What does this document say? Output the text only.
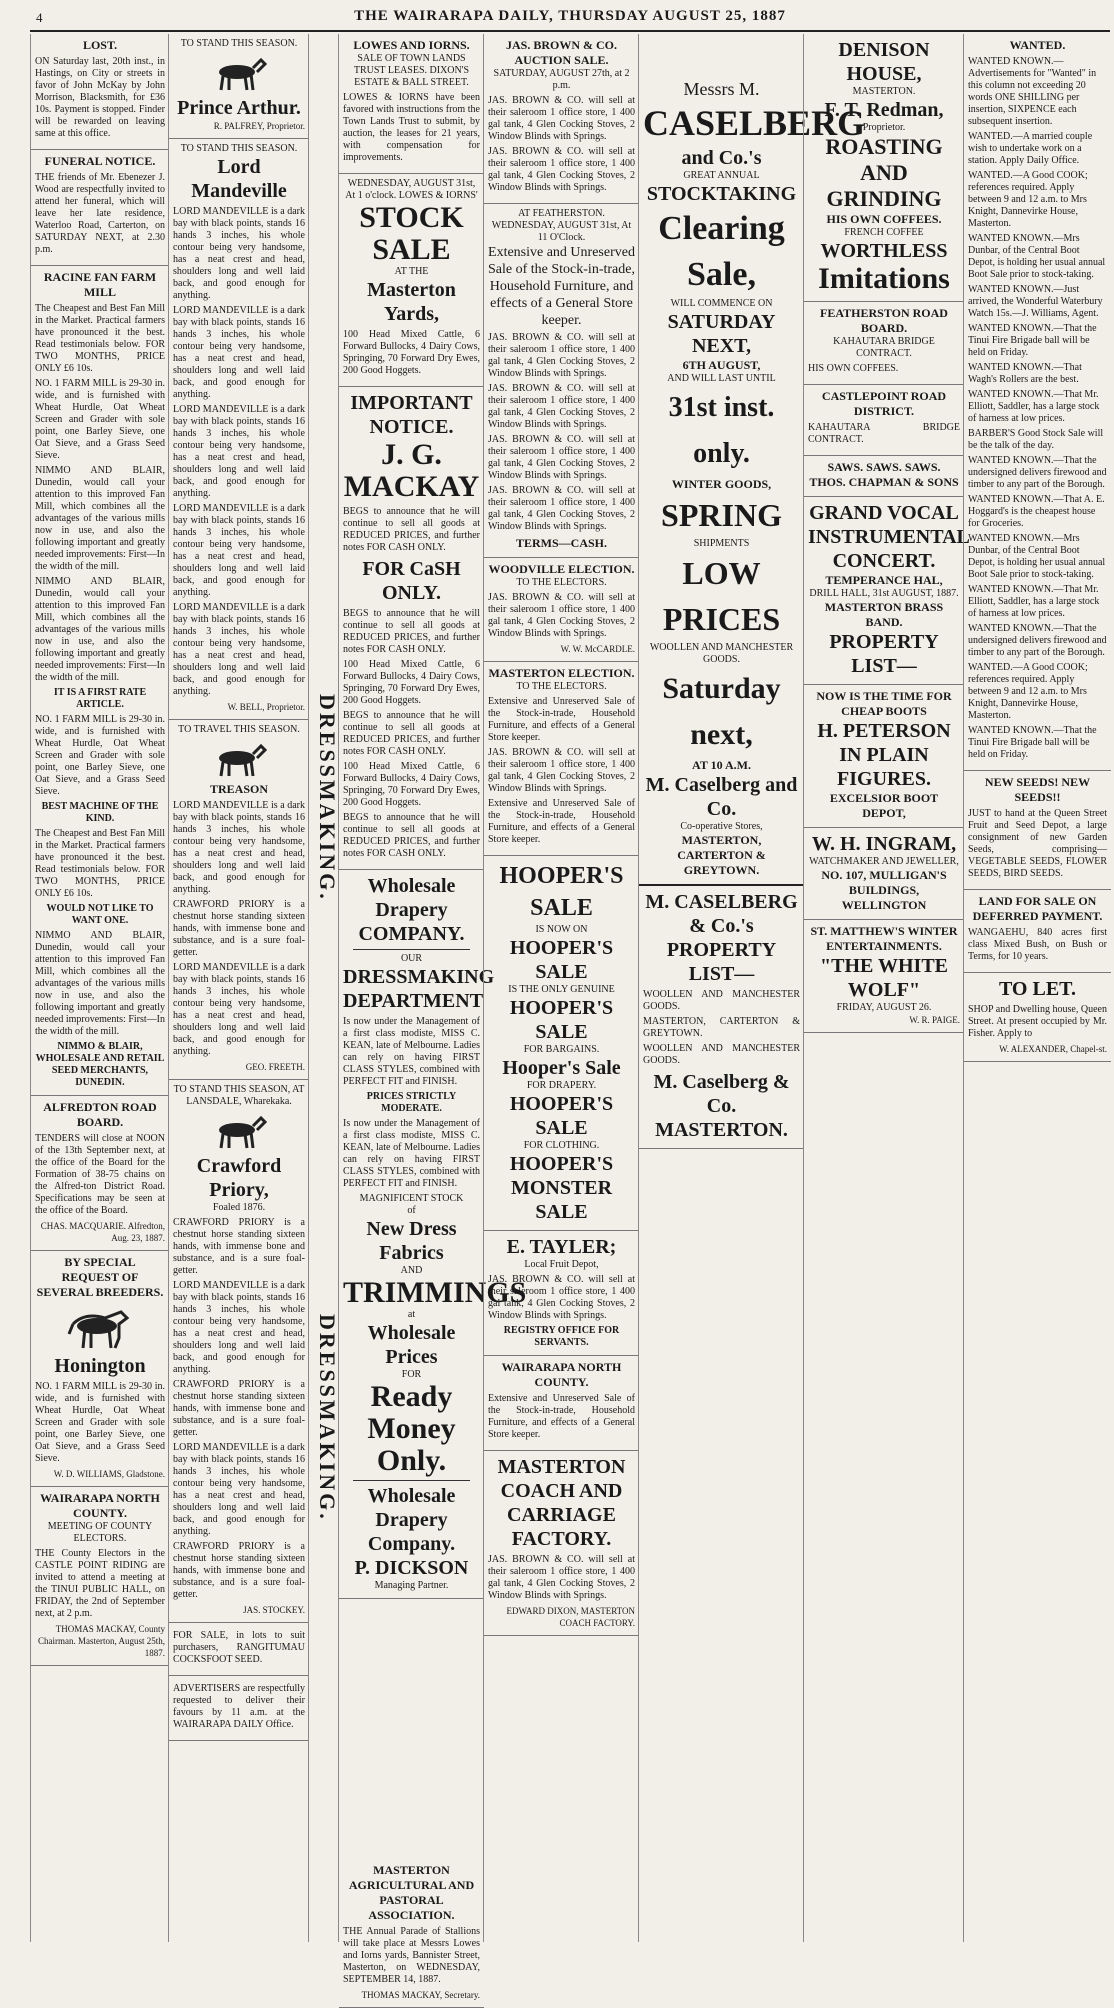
4	THE WAIRARAPA DAILY, THURSDAY AUGUST 25, 1887
LOST.

ON Saturday last, 20th inst., in Hastings, on City or streets in favor of John McKay by John Morrison, Blacksmith, for £36 10s. Payment is stopped. Finder will be rewarded on leaving same at this office.

FUNERAL NOTICE.

THE friends of Mr. Ebenezer J. Wood are respectfully invited to attend her funeral, which will leave her late residence, Waterloo Road, Carterton, on SATURDAY NEXT, at 2.30 p.m.

RACINE FAN FARM MILL

The Cheapest and Best Fan Mill in the Market. Practical farmers have pronounced it the best. Read testimonials below. FOR TWO MONTHS, PRICE ONLY £6 10s.

NO. 1 FARM MILL is 29-30 in. wide, and is furnished with Wheat Hurdle, Oat Wheat Screen and Grader with sole point, one Barley Sieve, one Oat Sieve, and a Grass Seed Sieve.

NIMMO AND BLAIR, Dunedin, would call your attention to this improved Fan Mill, which combines all the advantages of the various mills now in use, and also the following important and greatly needed improvements: First—In the width of the mill.

NIMMO AND BLAIR, Dunedin, would call your attention to this improved Fan Mill, which combines all the advantages of the various mills now in use, and also the following important and greatly needed improvements: First—In the width of the mill.

IT IS A FIRST RATE ARTICLE.

NO. 1 FARM MILL is 29-30 in. wide, and is furnished with Wheat Hurdle, Oat Wheat Screen and Grader with sole point, one Barley Sieve, one Oat Sieve, and a Grass Seed Sieve.

BEST MACHINE OF THE KIND.

The Cheapest and Best Fan Mill in the Market. Practical farmers have pronounced it the best. Read testimonials below. FOR TWO MONTHS, PRICE ONLY £6 10s.

WOULD NOT LIKE TO WANT ONE.

NIMMO AND BLAIR, Dunedin, would call your attention to this improved Fan Mill, which combines all the advantages of the various mills now in use, and also the following important and greatly needed improvements: First—In the width of the mill.

NIMMO & BLAIR, WHOLESALE AND RETAIL SEED MERCHANTS, DUNEDIN.
ALFREDTON ROAD BOARD.

TENDERS will close at NOON of the 13th September next, at the office of the Board for the Formation of 38-75 chains on the Alfred-ton District Road. Specifications may be seen at the office of the Board.

CHAS. MACQUARIE. Alfredton, Aug. 23, 1887.
BY SPECIAL REQUEST OF SEVERAL BREEDERS.
Honington

NO. 1 FARM MILL is 29-30 in. wide, and is furnished with Wheat Hurdle, Oat Wheat Screen and Grader with sole point, one Barley Sieve, one Oat Sieve, and a Grass Seed Sieve.

W. D. WILLIAMS, Gladstone.
WAIRARAPA NORTH COUNTY.
MEETING OF COUNTY ELECTORS.

THE County Electors in the CASTLE POINT RIDING are invited to attend a meeting at the TINUI PUBLIC HALL, on FRIDAY, the 2nd of September next, at 2 p.m.

THOMAS MACKAY, County Chairman. Masterton, August 25th, 1887.
TO STAND THIS SEASON.
Prince Arthur.
R. PALFREY, Proprietor.
TO STAND THIS SEASON.
Lord Mandeville

LORD MANDEVILLE is a dark bay with black points, stands 16 hands 3 inches, his whole contour being very handsome, has a neat crest and head, shoulders long and well laid back, and good enough for anything.

LORD MANDEVILLE is a dark bay with black points, stands 16 hands 3 inches, his whole contour being very handsome, has a neat crest and head, shoulders long and well laid back, and good enough for anything.

LORD MANDEVILLE is a dark bay with black points, stands 16 hands 3 inches, his whole contour being very handsome, has a neat crest and head, shoulders long and well laid back, and good enough for anything.

LORD MANDEVILLE is a dark bay with black points, stands 16 hands 3 inches, his whole contour being very handsome, has a neat crest and head, shoulders long and well laid back, and good enough for anything.

LORD MANDEVILLE is a dark bay with black points, stands 16 hands 3 inches, his whole contour being very handsome, has a neat crest and head, shoulders long and well laid back, and good enough for anything.

W. BELL, Proprietor.
TO TRAVEL THIS SEASON.
TREASON

LORD MANDEVILLE is a dark bay with black points, stands 16 hands 3 inches, his whole contour being very handsome, has a neat crest and head, shoulders long and well laid back, and good enough for anything.

CRAWFORD PRIORY is a chestnut horse standing sixteen hands, with immense bone and substance, and is a sure foal-getter.

LORD MANDEVILLE is a dark bay with black points, stands 16 hands 3 inches, his whole contour being very handsome, has a neat crest and head, shoulders long and well laid back, and good enough for anything.

GEO. FREETH.
TO STAND THIS SEASON, AT LANSDALE, Wharekaka.
Crawford Priory,
Foaled 1876.

CRAWFORD PRIORY is a chestnut horse standing sixteen hands, with immense bone and substance, and is a sure foal-getter.

LORD MANDEVILLE is a dark bay with black points, stands 16 hands 3 inches, his whole contour being very handsome, has a neat crest and head, shoulders long and well laid back, and good enough for anything.

CRAWFORD PRIORY is a chestnut horse standing sixteen hands, with immense bone and substance, and is a sure foal-getter.

LORD MANDEVILLE is a dark bay with black points, stands 16 hands 3 inches, his whole contour being very handsome, has a neat crest and head, shoulders long and well laid back, and good enough for anything.

CRAWFORD PRIORY is a chestnut horse standing sixteen hands, with immense bone and substance, and is a sure foal-getter.

JAS. STOCKEY.

FOR SALE, in lots to suit purchasers, RANGITUMAU COCKSFOOT SEED.

ADVERTISERS are respectfully requested to deliver their favours by 11 a.m. at the WAIRARAPA DAILY Office.

DRESSMAKING.
DRESSMAKING.
LOWES AND IORNS.
SALE OF TOWN LANDS TRUST LEASES. DIXON'S ESTATE & BALL STREET.

LOWES & IORNS have been favored with instructions from the Town Lands Trust to submit, by auction, the leases for 21 years, with compensation for improvements.

WEDNESDAY, AUGUST 31st, At 1 o'clock. LOWES & IORNS'
STOCK SALE
AT THE
Masterton Yards,

100 Head Mixed Cattle, 6 Forward Bullocks, 4 Dairy Cows, Springing, 70 Forward Dry Ewes, 200 Good Hoggets.

IMPORTANT NOTICE.
J. G. MACKAY

BEGS to announce that he will continue to sell all goods at REDUCED PRICES, and further notes FOR CASH ONLY.

FOR CaSH ONLY.

BEGS to announce that he will continue to sell all goods at REDUCED PRICES, and further notes FOR CASH ONLY.

100 Head Mixed Cattle, 6 Forward Bullocks, 4 Dairy Cows, Springing, 70 Forward Dry Ewes, 200 Good Hoggets.

BEGS to announce that he will continue to sell all goods at REDUCED PRICES, and further notes FOR CASH ONLY.

100 Head Mixed Cattle, 6 Forward Bullocks, 4 Dairy Cows, Springing, 70 Forward Dry Ewes, 200 Good Hoggets.

BEGS to announce that he will continue to sell all goods at REDUCED PRICES, and further notes FOR CASH ONLY.

Wholesale Drapery COMPANY.
OUR
DRESSMAKING DEPARTMENT

Is now under the Management of a first class modiste, MISS C. KEAN, late of Melbourne. Ladies can rely on having FIRST CLASS STYLES, combined with PERFECT FIT and FINISH.

PRICES STRICTLY MODERATE.

Is now under the Management of a first class modiste, MISS C. KEAN, late of Melbourne. Ladies can rely on having FIRST CLASS STYLES, combined with PERFECT FIT and FINISH.

MAGNIFICENT STOCK
of
New Dress Fabrics
AND
TRIMMINGS
at
Wholesale Prices
FOR
Ready Money Only.
Wholesale Drapery Company.
P. DICKSON
Managing Partner.
MASTERTON AGRICULTURAL AND PASTORAL ASSOCIATION.

THE Annual Parade of Stallions will take place at Messrs Lowes and Iorns yards, Bannister Street, Masterton, on WEDNESDAY, SEPTEMBER 14, 1887.

THOMAS MACKAY, Secretary.
JAS. BROWN & CO.
AUCTION SALE.
SATURDAY, AUGUST 27th, at 2 p.m.

JAS. BROWN & CO. will sell at their saleroom 1 office store, 1 400 gal tank, 4 Glen Cocking Stoves, 2 Window Blinds with Springs.

JAS. BROWN & CO. will sell at their saleroom 1 office store, 1 400 gal tank, 4 Glen Cocking Stoves, 2 Window Blinds with Springs.

AT FEATHERSTON.
WEDNESDAY, AUGUST 31st, At 11 O'Clock.
Extensive and Unreserved Sale of the Stock-in-trade, Household Furniture, and effects of a General Store keeper.

JAS. BROWN & CO. will sell at their saleroom 1 office store, 1 400 gal tank, 4 Glen Cocking Stoves, 2 Window Blinds with Springs.

JAS. BROWN & CO. will sell at their saleroom 1 office store, 1 400 gal tank, 4 Glen Cocking Stoves, 2 Window Blinds with Springs.

JAS. BROWN & CO. will sell at their saleroom 1 office store, 1 400 gal tank, 4 Glen Cocking Stoves, 2 Window Blinds with Springs.

JAS. BROWN & CO. will sell at their saleroom 1 office store, 1 400 gal tank, 4 Glen Cocking Stoves, 2 Window Blinds with Springs.

TERMS—CASH.
WOODVILLE ELECTION.
TO THE ELECTORS.

JAS. BROWN & CO. will sell at their saleroom 1 office store, 1 400 gal tank, 4 Glen Cocking Stoves, 2 Window Blinds with Springs.

W. W. McCARDLE.
MASTERTON ELECTION.
TO THE ELECTORS.

Extensive and Unreserved Sale of the Stock-in-trade, Household Furniture, and effects of a General Store keeper.

JAS. BROWN & CO. will sell at their saleroom 1 office store, 1 400 gal tank, 4 Glen Cocking Stoves, 2 Window Blinds with Springs.

Extensive and Unreserved Sale of the Stock-in-trade, Household Furniture, and effects of a General Store keeper.

HOOPER'S SALE
IS NOW ON
HOOPER'S SALE
IS THE ONLY GENUINE
HOOPER'S SALE
FOR BARGAINS.
Hooper's Sale
FOR DRAPERY.
HOOPER'S SALE
FOR CLOTHING.
HOOPER'S MONSTER SALE
E. TAYLER;
Local Fruit Depot,

JAS. BROWN & CO. will sell at their saleroom 1 office store, 1 400 gal tank, 4 Glen Cocking Stoves, 2 Window Blinds with Springs.

REGISTRY OFFICE FOR SERVANTS.
WAIRARAPA NORTH COUNTY.

Extensive and Unreserved Sale of the Stock-in-trade, Household Furniture, and effects of a General Store keeper.

MASTERTON COACH AND CARRIAGE FACTORY.

JAS. BROWN & CO. will sell at their saleroom 1 office store, 1 400 gal tank, 4 Glen Cocking Stoves, 2 Window Blinds with Springs.

EDWARD DIXON, MASTERTON COACH FACTORY.
Messrs M.
CASELBERG
and Co.'s
GREAT ANNUAL
STOCKTAKING
Clearing Sale,
WILL COMMENCE ON
SATURDAY NEXT,
6TH AUGUST,
AND WILL LAST UNTIL
31st inst. only.
WINTER GOODS,
SPRING
SHIPMENTS
LOW PRICES
WOOLLEN AND MANCHESTER GOODS.
Saturday next,
AT 10 A.M.
M. Caselberg and Co.
Co-operative Stores,
MASTERTON, CARTERTON & GREYTOWN.
M. CASELBERG & Co.'s PROPERTY LIST—

WOOLLEN AND MANCHESTER GOODS.

MASTERTON, CARTERTON & GREYTOWN.

WOOLLEN AND MANCHESTER GOODS.

M. Caselberg & Co.
MASTERTON.
DENISON HOUSE,
MASTERTON.
F. T. Redman,
Proprietor.
ROASTING AND GRINDING
HIS OWN COFFEES.
FRENCH COFFEE
WORTHLESS
Imitations
FEATHERSTON ROAD BOARD.
KAHAUTARA BRIDGE CONTRACT.

HIS OWN COFFEES.

CASTLEPOINT ROAD DISTRICT.

KAHAUTARA BRIDGE CONTRACT.

SAWS. SAWS. SAWS.
THOS. CHAPMAN & SONS
GRAND VOCAL
INSTRUMENTAL CONCERT.
TEMPERANCE HAL,
DRILL HALL, 31st AUGUST, 1887.
MASTERTON BRASS BAND.
PROPERTY LIST—
NOW IS THE TIME FOR CHEAP BOOTS
H. PETERSON
IN PLAIN FIGURES.
EXCELSIOR BOOT DEPOT,
W. H. INGRAM,
WATCHMAKER AND JEWELLER,
NO. 107, MULLIGAN'S BUILDINGS,
WELLINGTON
ST. MATTHEW'S WINTER ENTERTAINMENTS.
"THE WHITE WOLF"
FRIDAY, AUGUST 26.
W. R. PAIGE.
WANTED.

WANTED KNOWN.—Advertisements for "Wanted" in this column not exceeding 20 words ONE SHILLING per insertion, SIXPENCE each subsequent insertion.

WANTED.—A married couple wish to undertake work on a station. Apply Daily Office.

WANTED.—A Good COOK; references required. Apply between 9 and 12 a.m. to Mrs Knight, Dannevirke House, Masterton.

WANTED KNOWN.—Mrs Dunbar, of the Central Boot Depot, is holding her usual annual Boot Sale prior to stock-taking.

WANTED KNOWN.—Just arrived, the Wonderful Waterbury Watch 15s.—J. Williams, Agent.

WANTED KNOWN.—That the Tinui Fire Brigade ball will be held on Friday.

WANTED KNOWN.—That Wagh's Rollers are the best.

WANTED KNOWN.—That Mr. Elliott, Saddler, has a large stock of harness at low prices.

BARBER'S Good Stock Sale will be the talk of the day.

WANTED KNOWN.—That the undersigned delivers firewood and timber to any part of the Borough.

WANTED KNOWN.—That A. E. Hoggard's is the cheapest house for Groceries.

WANTED KNOWN.—Mrs Dunbar, of the Central Boot Depot, is holding her usual annual Boot Sale prior to stock-taking.

WANTED KNOWN.—That Mr. Elliott, Saddler, has a large stock of harness at low prices.

WANTED KNOWN.—That the undersigned delivers firewood and timber to any part of the Borough.

WANTED.—A Good COOK; references required. Apply between 9 and 12 a.m. to Mrs Knight, Dannevirke House, Masterton.

WANTED KNOWN.—That the Tinui Fire Brigade ball will be held on Friday.

NEW SEEDS! NEW SEEDS!!

JUST to hand at the Queen Street Fruit and Seed Depot, a large consignment of new Garden Seeds, comprising—VEGETABLE SEEDS, FLOWER SEEDS, BIRD SEEDS.

LAND FOR SALE ON DEFERRED PAYMENT.

WANGAEHU, 840 acres first class Mixed Bush, on Bush or Terms, for 10 years.

TO LET.

SHOP and Dwelling house, Queen Street. At present occupied by Mr. Fisher. Apply to

W. ALEXANDER, Chapel-st.
